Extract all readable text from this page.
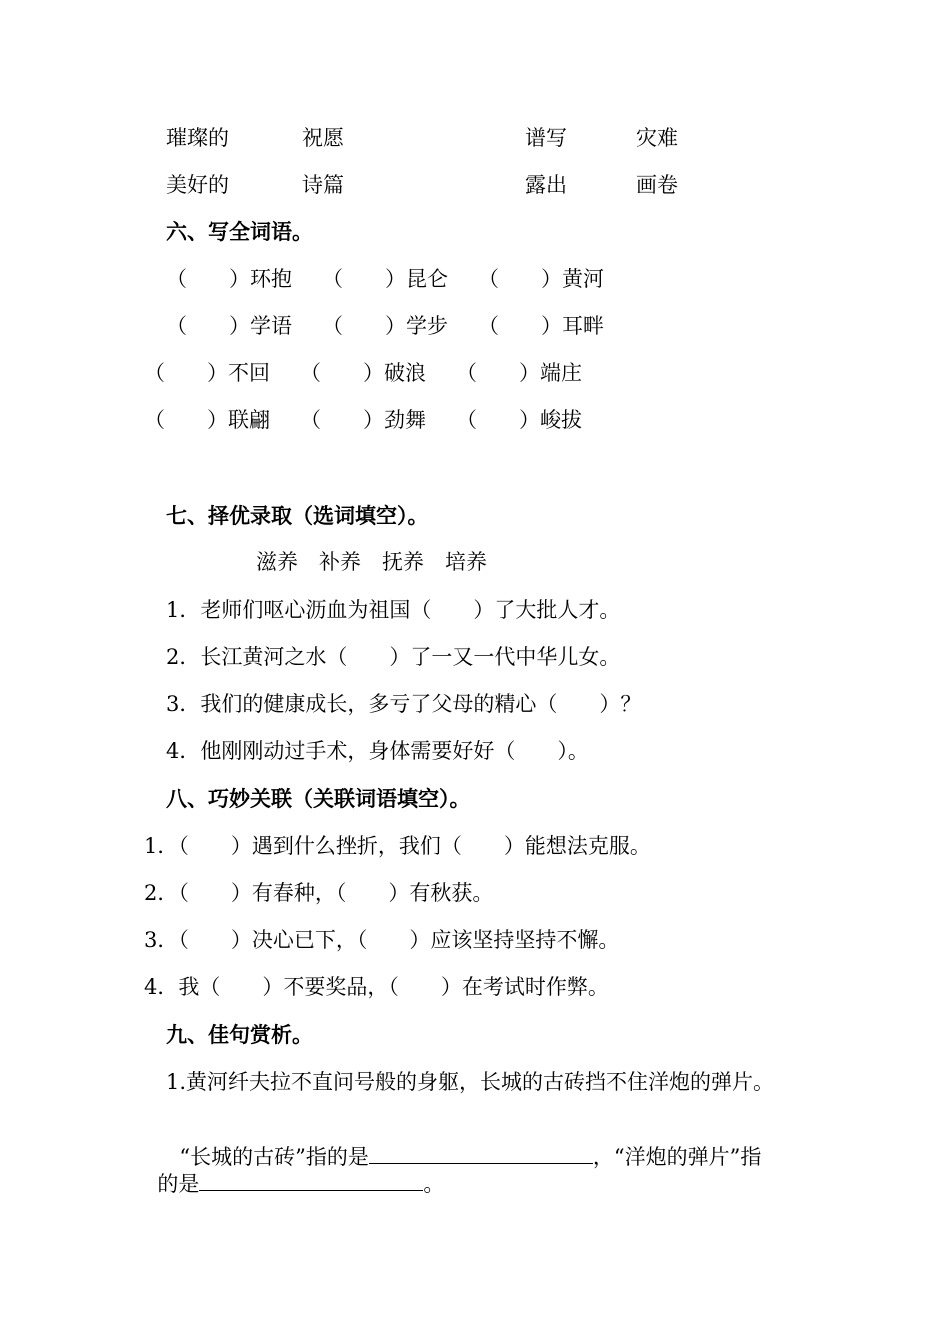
璀璨的	祝愿	谱写	灾难
美好的	诗篇	露出	画卷
六、写全词语。
（　　）环抱 （　　）昆仑 （　　）黄河
（　　）学语 （　　）学步 （　　）耳畔
（　　）不回 （　　）破浪 （　　）端庄
（　　）联翩 （　　）劲舞 （　　）峻拔
七、择优录取（选词填空）。
滋养　补养　抚养　培养
1．老师们呕心沥血为祖国（　　）了大批人才。
2．长江黄河之水（　　）了一又一代中华儿女。
3．我们的健康成长，多亏了父母的精心（　　）？
4．他刚刚动过手术，身体需要好好（　　）。
八、巧妙关联（关联词语填空）。
1．（　　）遇到什么挫折，我们（　　）能想法克服。
2．（　　）有春种，（　　）有秋获。
3．（　　）决心已下，（　　）应该坚持坚持不懈。
4．我（　　）不要奖品，（　　）在考试时作弊。
九、佳句赏析。
1.黄河纤夫拉不直问号般的身躯，长城的古砖挡不住洋炮的弹片。

“长城的古砖”指的是	，“洋炮的弹片”指

的是	。
